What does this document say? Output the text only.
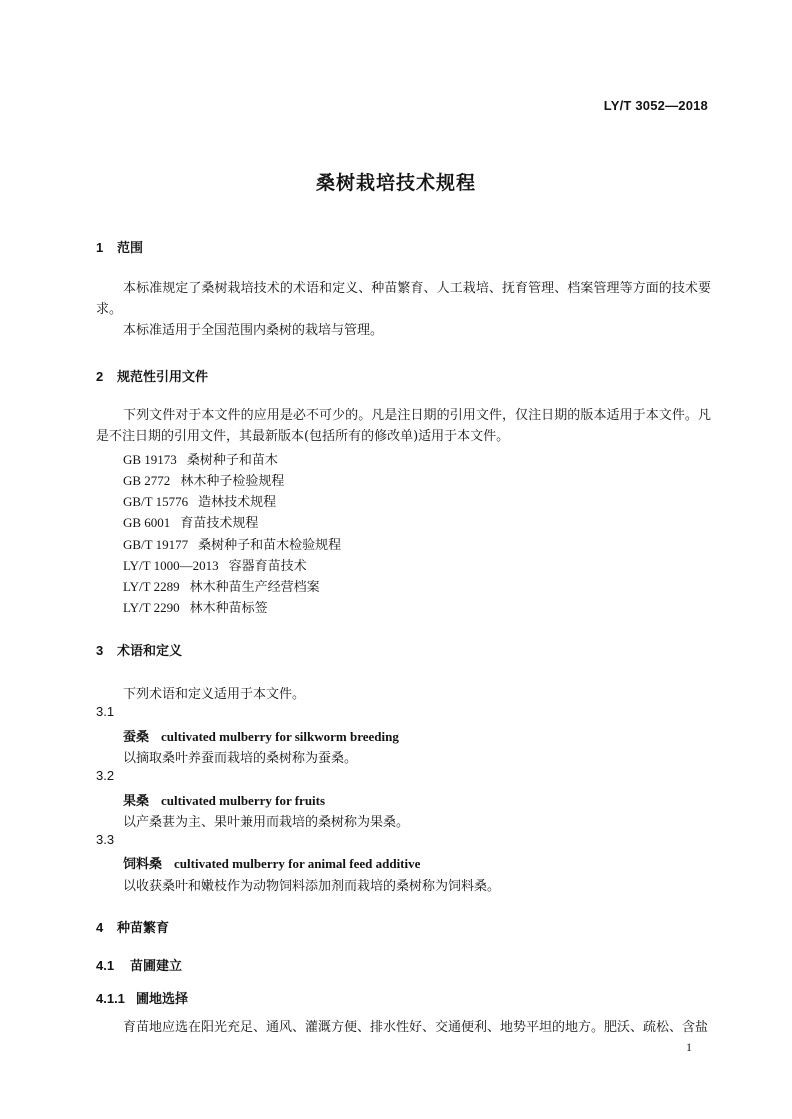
LY/T 3052—2018
桑树栽培技术规程
1 范围
本标准规定了桑树栽培技术的术语和定义、种苗繁育、人工栽培、抚育管理、档案管理等方面的技术要求。
本标准适用于全国范围内桑树的栽培与管理。
2 规范性引用文件
下列文件对于本文件的应用是必不可少的。凡是注日期的引用文件，仅注日期的版本适用于本文件。凡是不注日期的引用文件，其最新版本(包括所有的修改单)适用于本文件。
GB 19173 桑树种子和苗木
GB 2772 林木种子检验规程
GB/T 15776 造林技术规程
GB 6001 育苗技术规程
GB/T 19177 桑树种子和苗木检验规程
LY/T 1000—2013 容器育苗技术
LY/T 2289 林木种苗生产经营档案
LY/T 2290 林木种苗标签
3 术语和定义
下列术语和定义适用于本文件。
3.1
蚕桑 cultivated mulberry for silkworm breeding
以摘取桑叶养蚕而栽培的桑树称为蚕桑。
3.2
果桑 cultivated mulberry for fruits
以产桑葚为主、果叶兼用而栽培的桑树称为果桑。
3.3
饲料桑 cultivated mulberry for animal feed additive
以收获桑叶和嫩枝作为动物饲料添加剂而栽培的桑树称为饲料桑。
4 种苗繁育
4.1 苗圃建立
4.1.1 圃地选择
育苗地应选在阳光充足、通风、灌溉方便、排水性好、交通便利、地势平坦的地方。肥沃、疏松、含盐
1
